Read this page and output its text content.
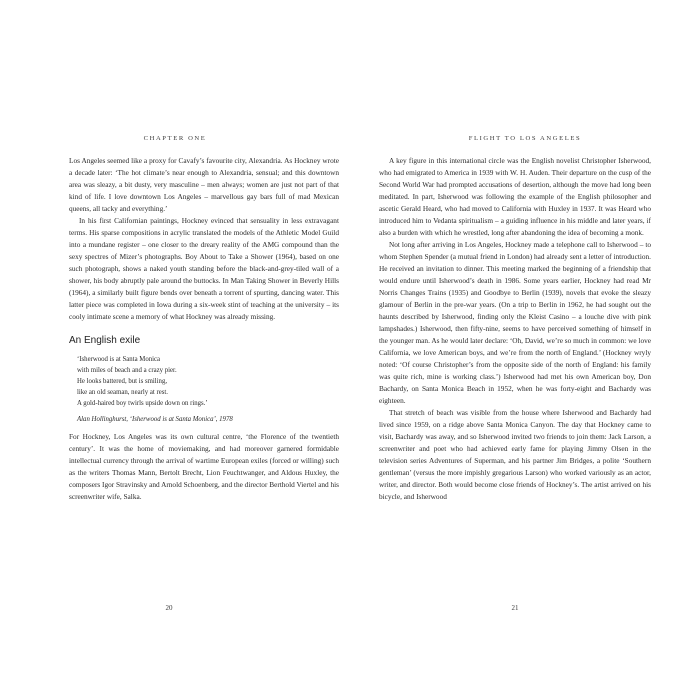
CHAPTER ONE

Los Angeles seemed like a proxy for Cavafy’s favourite city, Alexandria. As Hockney wrote a decade later: ‘The hot climate’s near enough to Alexandria, sensual; and this downtown area was sleazy, a bit dusty, very masculine – men always; women are just not part of that kind of life. I love downtown Los Angeles – marvellous gay bars full of mad Mexican queens, all tacky and everything.’

In his first Californian paintings, Hockney evinced that sensuality in less extravagant terms. His sparse compositions in acrylic translated the models of the Athletic Model Guild into a mundane register – one closer to the dreary reality of the AMG compound than the sexy spectres of Mizer’s photographs. Boy About to Take a Shower (1964), based on one such photograph, shows a naked youth standing before the black-and-grey-tiled wall of a shower, his body abruptly pale around the buttocks. In Man Taking Shower in Beverly Hills (1964), a similarly built figure bends over beneath a torrent of spurting, dancing water. This latter piece was completed in Iowa during a six-week stint of teaching at the university – its cooly intimate scene a memory of what Hockney was already missing.

An English exile
‘Isherwood is at Santa Monica
with miles of beach and a crazy pier.
He looks battered, but is smiling,
like an old seaman, nearly at rest.
A gold-haired boy twirls upside down on rings.’
Alan Hollinghurst, ‘Isherwood is at Santa Monica’, 1978

For Hockney, Los Angeles was its own cultural centre, ‘the Florence of the twentieth century’. It was the home of moviemaking, and had moreover garnered formidable intellectual currency through the arrival of wartime European exiles (forced or willing) such as the writers Thomas Mann, Bertolt Brecht, Lion Feuchtwanger, and Aldous Huxley, the composers Igor Stravinsky and Arnold Schoenberg, and the director Berthold Viertel and his screenwriter wife, Salka.

20
FLIGHT TO LOS ANGELES

A key figure in this international circle was the English novelist Christopher Isherwood, who had emigrated to America in 1939 with W. H. Auden. Their departure on the cusp of the Second World War had prompted accusations of desertion, although the move had long been meditated. In part, Isherwood was following the example of the English philosopher and ascetic Gerald Heard, who had moved to California with Huxley in 1937. It was Heard who introduced him to Vedanta spiritualism – a guiding influence in his middle and later years, if also a burden with which he wrestled, long after abandoning the idea of becoming a monk.

Not long after arriving in Los Angeles, Hockney made a telephone call to Isherwood – to whom Stephen Spender (a mutual friend in London) had already sent a letter of introduction. He received an invitation to dinner. This meeting marked the beginning of a friendship that would endure until Isherwood’s death in 1986. Some years earlier, Hockney had read Mr Norris Changes Trains (1935) and Goodbye to Berlin (1939), novels that evoke the sleazy glamour of Berlin in the pre-war years. (On a trip to Berlin in 1962, he had sought out the haunts described by Isherwood, finding only the Kleist Casino – a louche dive with pink lampshades.) Isherwood, then fifty-nine, seems to have perceived something of himself in the younger man. As he would later declare: ‘Oh, David, we’re so much in common: we love California, we love American boys, and we’re from the north of England.’ (Hockney wryly noted: ‘Of course Christopher’s from the opposite side of the north of England: his family was quite rich, mine is working class.’) Isherwood had met his own American boy, Don Bachardy, on Santa Monica Beach in 1952, when he was forty-eight and Bachardy was eighteen.

That stretch of beach was visible from the house where Isherwood and Bachardy had lived since 1959, on a ridge above Santa Monica Canyon. The day that Hockney came to visit, Bachardy was away, and so Isherwood invited two friends to join them: Jack Larson, a screenwriter and poet who had achieved early fame for playing Jimmy Olsen in the television series Adventures of Superman, and his partner Jim Bridges, a polite ‘Southern gentleman’ (versus the more impishly gregarious Larson) who worked variously as an actor, writer, and director. Both would become close friends of Hockney’s. The artist arrived on his bicycle, and Isherwood

21
